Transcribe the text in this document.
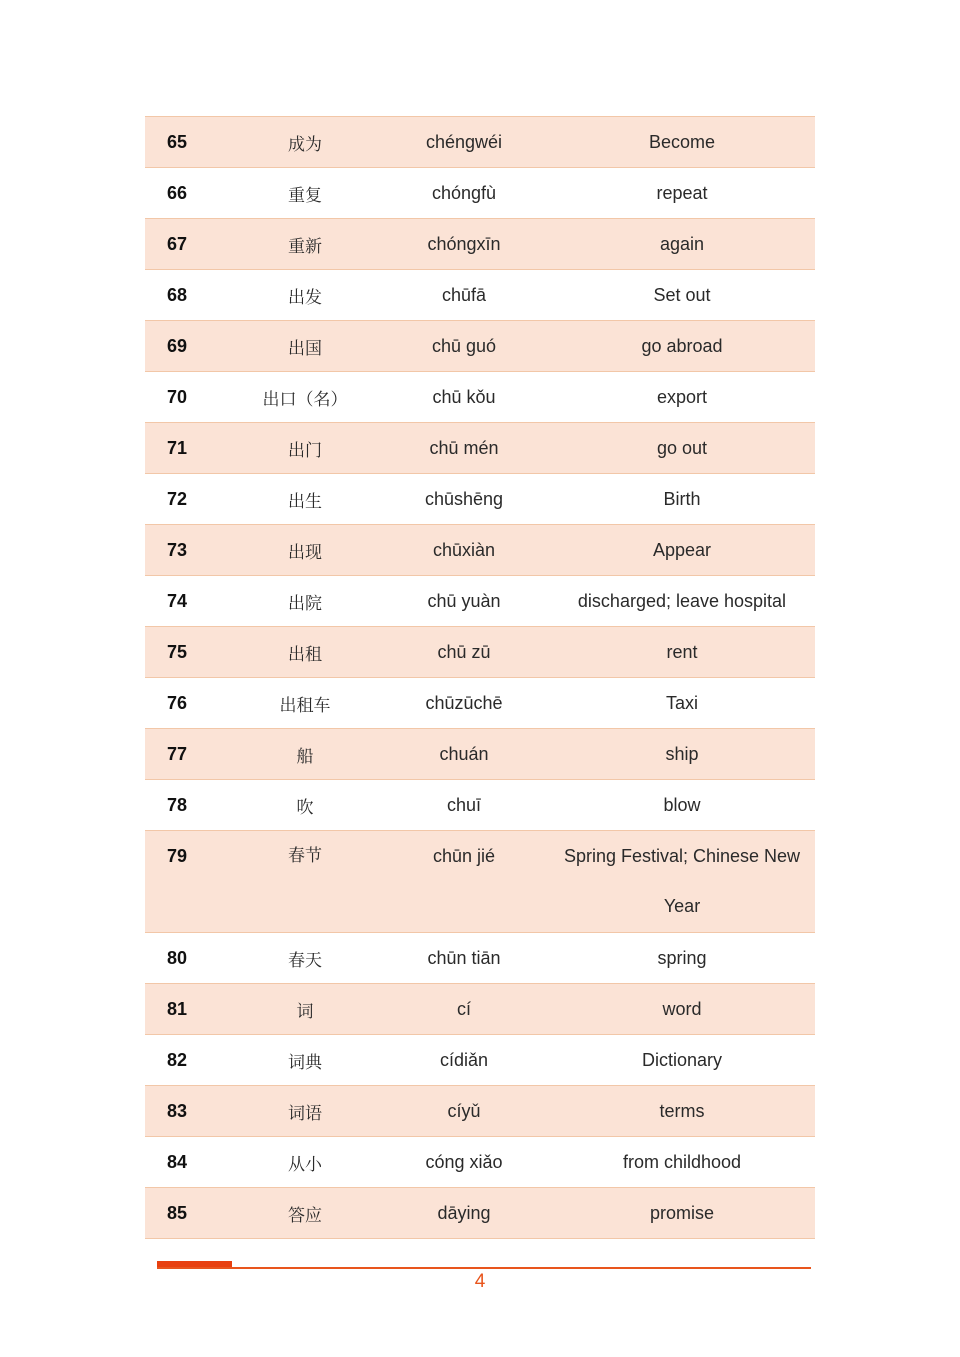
65	成为	chéngwéi	Become
66	重复	chóngfù	repeat
67	重新	chóngxīn	again
68	出发	chūfā	Set out
69	出国	chū guó	go abroad
70	出口（名）	chū kǒu	export
71	出门	chū mén	go out
72	出生	chūshēng	Birth
73	出现	chūxiàn	Appear
74	出院	chū yuàn	discharged; leave hospital
75	出租	chū zū	rent
76	出租车	chūzūchē	Taxi
77	船	chuán	ship
78	吹	chuī	blow
79	春节	chūn jié	Spring Festival; Chinese New Year
80	春天	chūn tiān	spring
81	词	cí	word
82	词典	cídiǎn	Dictionary
83	词语	cíyǔ	terms
84	从小	cóng xiǎo	from childhood
85	答应	dāying	promise
4
